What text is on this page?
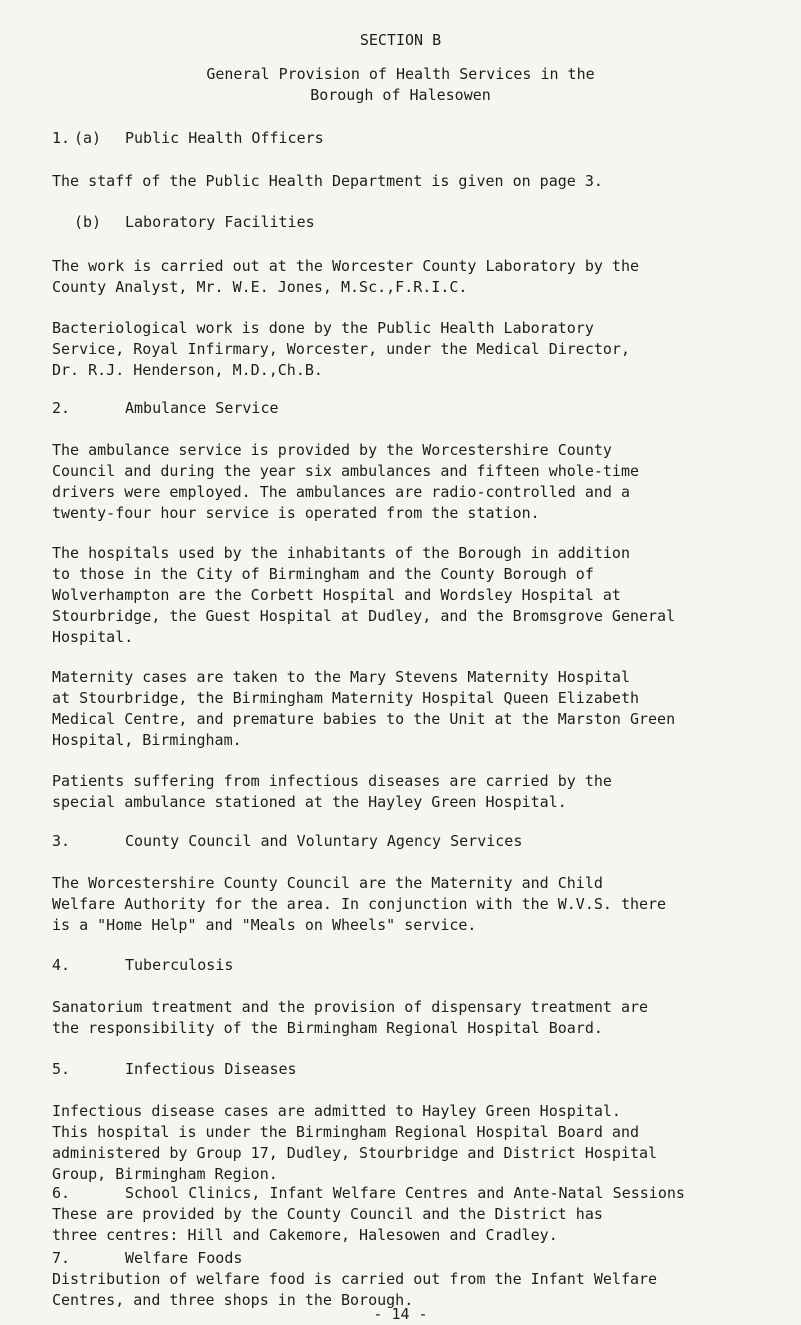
SECTION B
General Provision of Health Services in the
Borough of Halesowen
1. (a) Public Health Officers
The staff of the Public Health Department is given on page 3.
(b) Laboratory Facilities
The work is carried out at the Worcester County Laboratory by the
County Analyst, Mr. W.E. Jones, M.Sc.,F.R.I.C.
Bacteriological work is done by the Public Health Laboratory
Service, Royal Infirmary, Worcester, under the Medical Director,
Dr. R.J. Henderson, M.D.,Ch.B.
2.	Ambulance Service
The ambulance service is provided by the Worcestershire County
Council and during the year six ambulances and fifteen whole-time
drivers were employed. The ambulances are radio-controlled and a
twenty-four hour service is operated from the station.
The hospitals used by the inhabitants of the Borough in addition
to those in the City of Birmingham and the County Borough of
Wolverhampton are the Corbett Hospital and Wordsley Hospital at
Stourbridge, the Guest Hospital at Dudley, and the Bromsgrove General
Hospital.
Maternity cases are taken to the Mary Stevens Maternity Hospital
at Stourbridge, the Birmingham Maternity Hospital Queen Elizabeth
Medical Centre, and premature babies to the Unit at the Marston Green
Hospital, Birmingham.
Patients suffering from infectious diseases are carried by the
special ambulance stationed at the Hayley Green Hospital.
3.	County Council and Voluntary Agency Services
The Worcestershire County Council are the Maternity and Child
Welfare Authority for the area. In conjunction with the W.V.S. there
is a "Home Help" and "Meals on Wheels" service.
4.	Tuberculosis
Sanatorium treatment and the provision of dispensary treatment are
the responsibility of the Birmingham Regional Hospital Board.
5.	Infectious Diseases
Infectious disease cases are admitted to Hayley Green Hospital.
This hospital is under the Birmingham Regional Hospital Board and
administered by Group 17, Dudley, Stourbridge and District Hospital
Group, Birmingham Region.
6.	School Clinics, Infant Welfare Centres and Ante-Natal Sessions
These are provided by the County Council and the District has
three centres: Hill and Cakemore, Halesowen and Cradley.
7.	Welfare Foods
Distribution of welfare food is carried out from the Infant Welfare
Centres, and three shops in the Borough.
- 14 -
